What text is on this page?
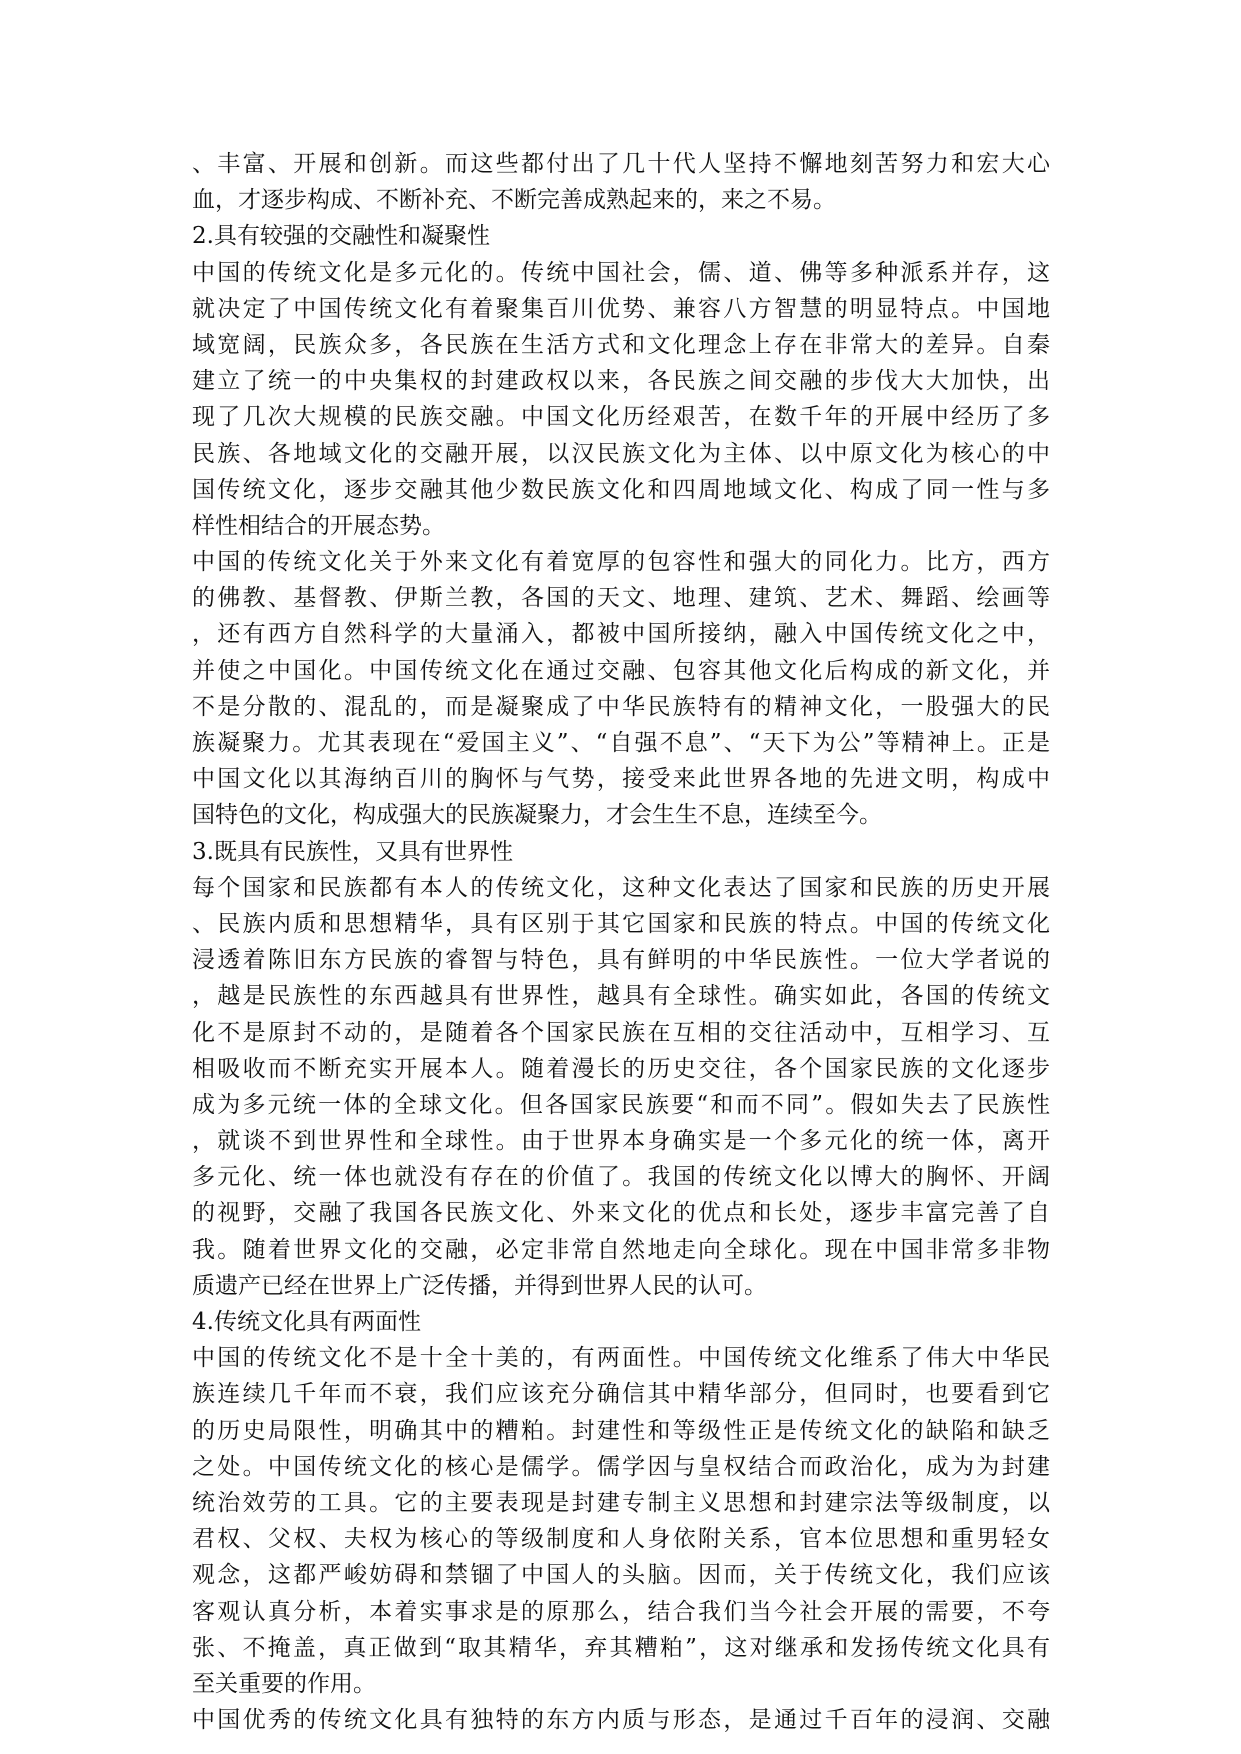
、丰富、开展和创新。而这些都付出了几十代人坚持不懈地刻苦努力和宏大心
血，才逐步构成、不断补充、不断完善成熟起来的，来之不易。
2.具有较强的交融性和凝聚性
中国的传统文化是多元化的。传统中国社会，儒、道、佛等多种派系并存，这
就决定了中国传统文化有着聚集百川优势、兼容八方智慧的明显特点。中国地
域宽阔，民族众多，各民族在生活方式和文化理念上存在非常大的差异。自秦
建立了统一的中央集权的封建政权以来，各民族之间交融的步伐大大加快，出
现了几次大规模的民族交融。中国文化历经艰苦，在数千年的开展中经历了多
民族、各地域文化的交融开展，以汉民族文化为主体、以中原文化为核心的中
国传统文化，逐步交融其他少数民族文化和四周地域文化、构成了同一性与多
样性相结合的开展态势。
中国的传统文化关于外来文化有着宽厚的包容性和强大的同化力。比方，西方
的佛教、基督教、伊斯兰教，各国的天文、地理、建筑、艺术、舞蹈、绘画等
，还有西方自然科学的大量涌入，都被中国所接纳，融入中国传统文化之中，
并使之中国化。中国传统文化在通过交融、包容其他文化后构成的新文化，并
不是分散的、混乱的，而是凝聚成了中华民族特有的精神文化，一股强大的民
族凝聚力。尤其表现在“爱国主义”、“自强不息”、“天下为公”等精神上。正是
中国文化以其海纳百川的胸怀与气势，接受来此世界各地的先进文明，构成中
国特色的文化，构成强大的民族凝聚力，才会生生不息，连续至今。
3.既具有民族性，又具有世界性
每个国家和民族都有本人的传统文化，这种文化表达了国家和民族的历史开展
、民族内质和思想精华，具有区别于其它国家和民族的特点。中国的传统文化
浸透着陈旧东方民族的睿智与特色，具有鲜明的中华民族性。一位大学者说的
，越是民族性的东西越具有世界性，越具有全球性。确实如此，各国的传统文
化不是原封不动的，是随着各个国家民族在互相的交往活动中，互相学习、互
相吸收而不断充实开展本人。随着漫长的历史交往，各个国家民族的文化逐步
成为多元统一体的全球文化。但各国家民族要“和而不同”。假如失去了民族性
，就谈不到世界性和全球性。由于世界本身确实是一个多元化的统一体，离开
多元化、统一体也就没有存在的价值了。我国的传统文化以博大的胸怀、开阔
的视野，交融了我国各民族文化、外来文化的优点和长处，逐步丰富完善了自
我。随着世界文化的交融，必定非常自然地走向全球化。现在中国非常多非物
质遗产已经在世界上广泛传播，并得到世界人民的认可。
4.传统文化具有两面性
中国的传统文化不是十全十美的，有两面性。中国传统文化维系了伟大中华民
族连续几千年而不衰，我们应该充分确信其中精华部分，但同时，也要看到它
的历史局限性，明确其中的糟粕。封建性和等级性正是传统文化的缺陷和缺乏
之处。中国传统文化的核心是儒学。儒学因与皇权结合而政治化，成为为封建
统治效劳的工具。它的主要表现是封建专制主义思想和封建宗法等级制度，以
君权、父权、夫权为核心的等级制度和人身依附关系，官本位思想和重男轻女
观念，这都严峻妨碍和禁锢了中国人的头脑。因而，关于传统文化，我们应该
客观认真分析，本着实事求是的原那么，结合我们当今社会开展的需要，不夸
张、不掩盖，真正做到“取其精华，弃其糟粕”，这对继承和发扬传统文化具有
至关重要的作用。
中国优秀的传统文化具有独特的东方内质与形态，是通过千百年的浸润、交融
